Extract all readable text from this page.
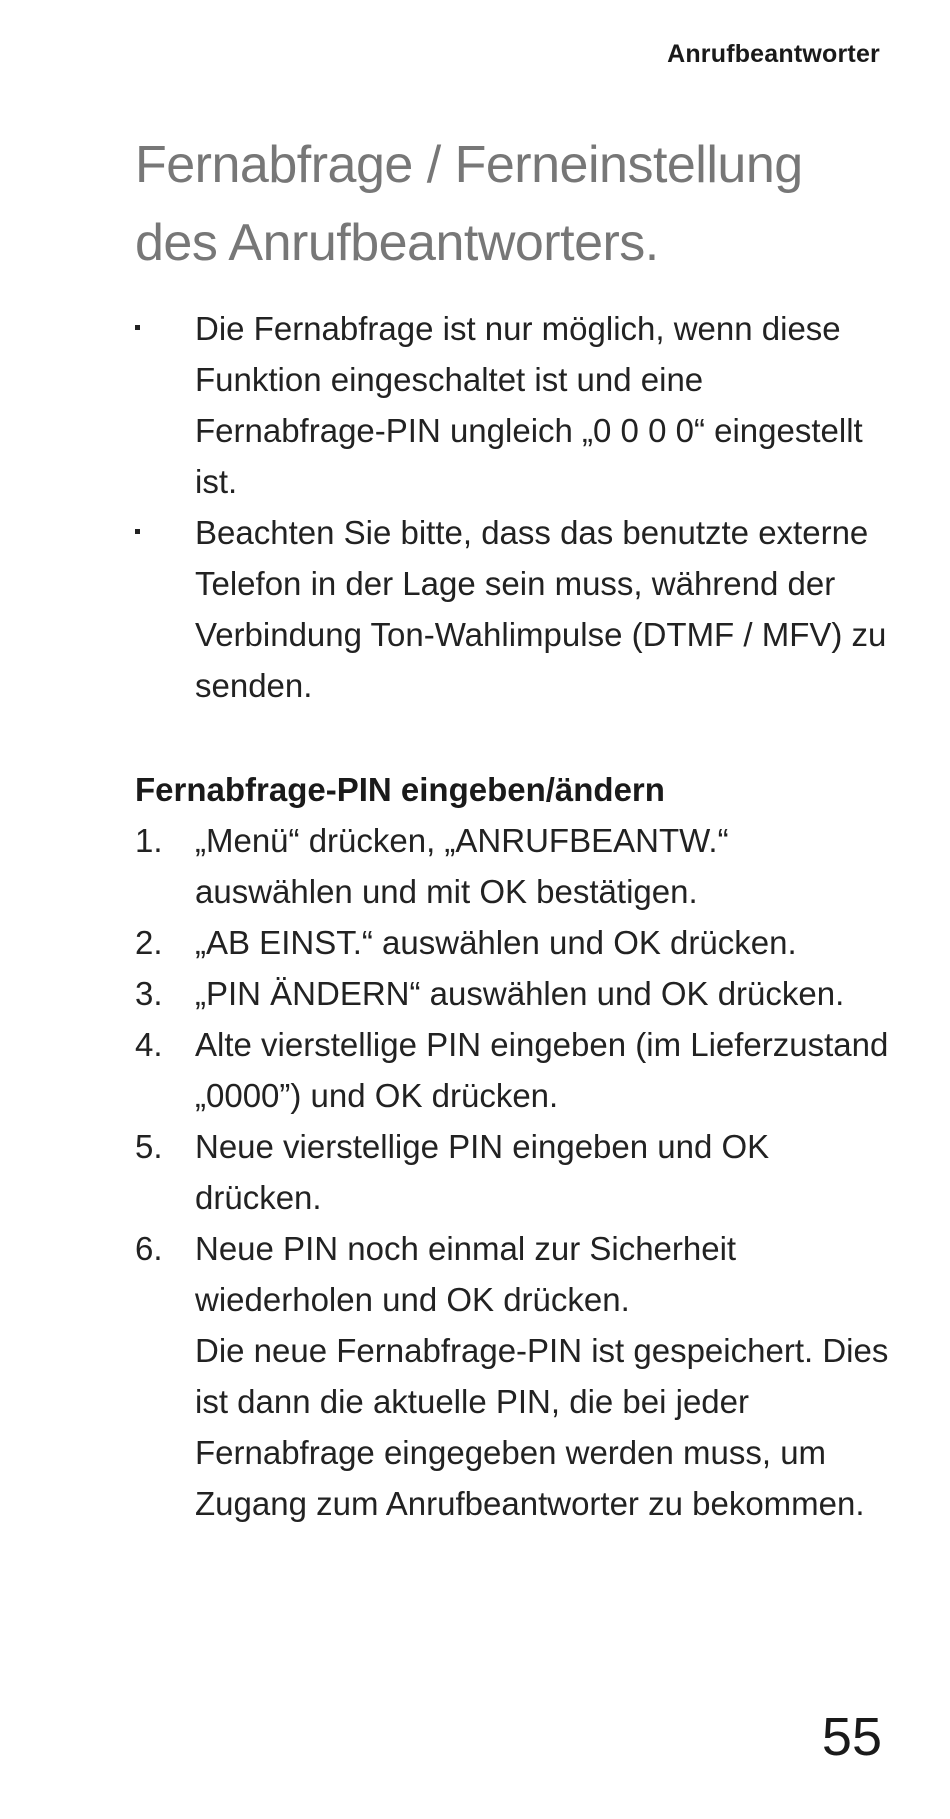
Anrufbeantworter
Fernabfrage / Ferneinstellung des Anrufbeantworters.
Die Fernabfrage ist nur möglich, wenn diese Funktion eingeschaltet ist und eine Fernabfrage-PIN ungleich „0 0 0 0“ eingestellt ist.
Beachten Sie bitte, dass das benutzte externe Telefon in der Lage sein muss, während der Verbindung Ton-Wahlimpulse (DTMF / MFV) zu senden.
Fernabfrage-PIN eingeben/ändern
1. „Menü“ drücken, „ANRUFBEANTW.“ auswählen und mit OK bestätigen.
2. „AB EINST.“ auswählen und OK drücken.
3. „PIN ÄNDERN“ auswählen und OK drücken.
4. Alte vierstellige PIN eingeben (im Lieferzustand „0000”) und OK drücken.
5. Neue vierstellige PIN eingeben und OK drücken.
6. Neue PIN noch einmal zur Sicherheit wiederholen und OK drücken.
Die neue Fernabfrage-PIN ist gespeichert. Dies ist dann die aktuelle PIN, die bei jeder Fernabfrage eingegeben werden muss, um Zugang zum Anrufbeantworter zu bekommen.
55
